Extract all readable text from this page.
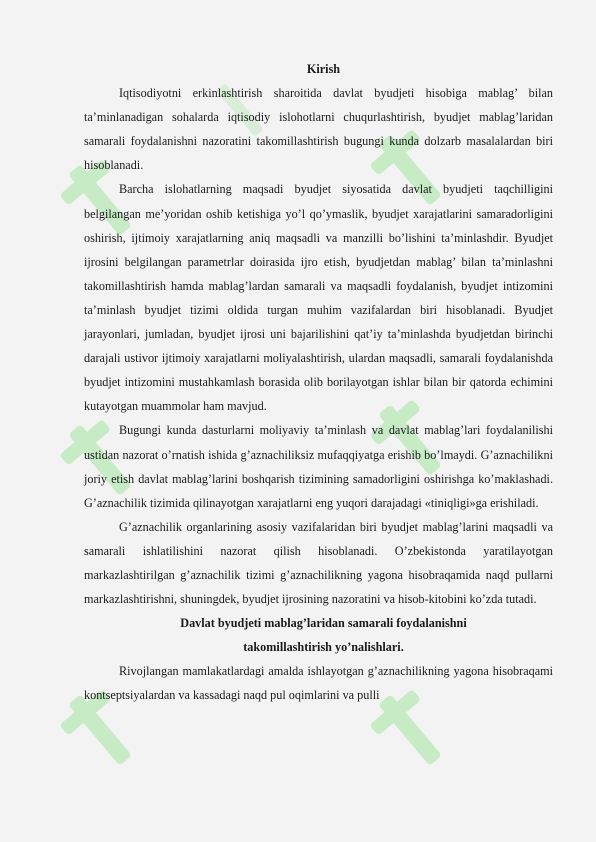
Kirish

Iqtisodiyotni erkinlashtirish sharoitida davlat byudjeti hisobiga mablag’ bilan ta’minlanadigan sohalarda iqtisodiy islohotlarni chuqurlashtirish, byudjet mablag’laridan samarali foydalanishni nazoratini takomillashtirish bugungi kunda dolzarb masalalardan biri hisoblanadi.

Barcha islohatlarning maqsadi byudjet siyosatida davlat byudjeti taqchilligini belgilangan me’yoridan oshib ketishiga yo’l qo’ymaslik, byudjet xarajatlarini samaradorligini oshirish, ijtimoiy xarajatlarning aniq maqsadli va manzilli bo’lishini ta’minlashdir. Byudjet ijrosini belgilangan parametrlar doirasida ijro etish, byudjetdan mablag’ bilan ta’minlashni takomillashtirish hamda mablag’lardan samarali va maqsadli foydalanish, byudjet intizomini ta’minlash byudjet tizimi oldida turgan muhim vazifalardan biri hisoblanadi. Byudjet jarayonlari, jumladan, byudjet ijrosi uni bajarilishini qat’iy ta’minlashda byudjetdan birinchi darajali ustivor ijtimoiy xarajatlarni moliyalashtirish, ulardan maqsadli, samarali foydalanishda byudjet intizomini mustahkamlash borasida olib borilayotgan ishlar bilan bir qatorda echimini kutayotgan muammolar ham mavjud.

Bugungi kunda dasturlarni moliyaviy ta’minlash va davlat mablag’lari foydalanilishi ustidan nazorat o’rnatish ishida g’aznachiliksiz mufaqqiyatga erishib bo’lmaydi. G’aznachilikni joriy etish davlat mablag’larini boshqarish tizimining samadorligini oshirishga ko’maklashadi. G’aznachilik tizimida qilinayotgan xarajatlarni eng yuqori darajadagi «tiniqligi»ga erishiladi.

G’aznachilik organlarining asosiy vazifalaridan biri byudjet mablag’larini maqsadli va samarali ishlatilishini nazorat qilish hisoblanadi. O’zbekistonda yaratilayotgan markazlashtirilgan g’aznachilik tizimi g’aznachilikning yagona hisobraqamida naqd pullarni markazlashtirishni, shuningdek, byudjet ijrosining nazoratini va hisob-kitobini ko’zda tutadi.

Davlat byudjeti mablag’laridan samarali foydalanishni

takomillashtirish yo’nalishlari.

Rivojlangan mamlakatlardagi amalda ishlayotgan g’aznachilikning yagona hisobraqami kontseptsiyalardan va kassadagi naqd pul oqimlarini va pulli
